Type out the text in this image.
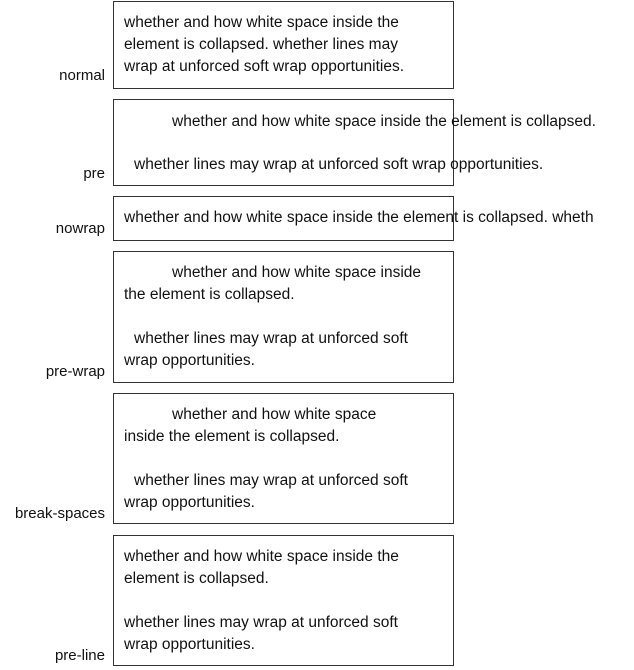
normal
whether and how white space inside the
element is collapsed. whether lines may
wrap at unforced soft wrap opportunities.
pre
whether and how white space inside the element is collapsed.
whether lines may wrap at unforced soft wrap opportunities.
nowrap
whether and how white space inside the element is collapsed. wheth
pre-wrap
whether and how white space inside
the element is collapsed.
whether lines may wrap at unforced soft
wrap opportunities.
break-spaces
whether and how white space
inside the element is collapsed.
whether lines may wrap at unforced soft
wrap opportunities.
pre-line
whether and how white space inside the
element is collapsed.
whether lines may wrap at unforced soft
wrap opportunities.
